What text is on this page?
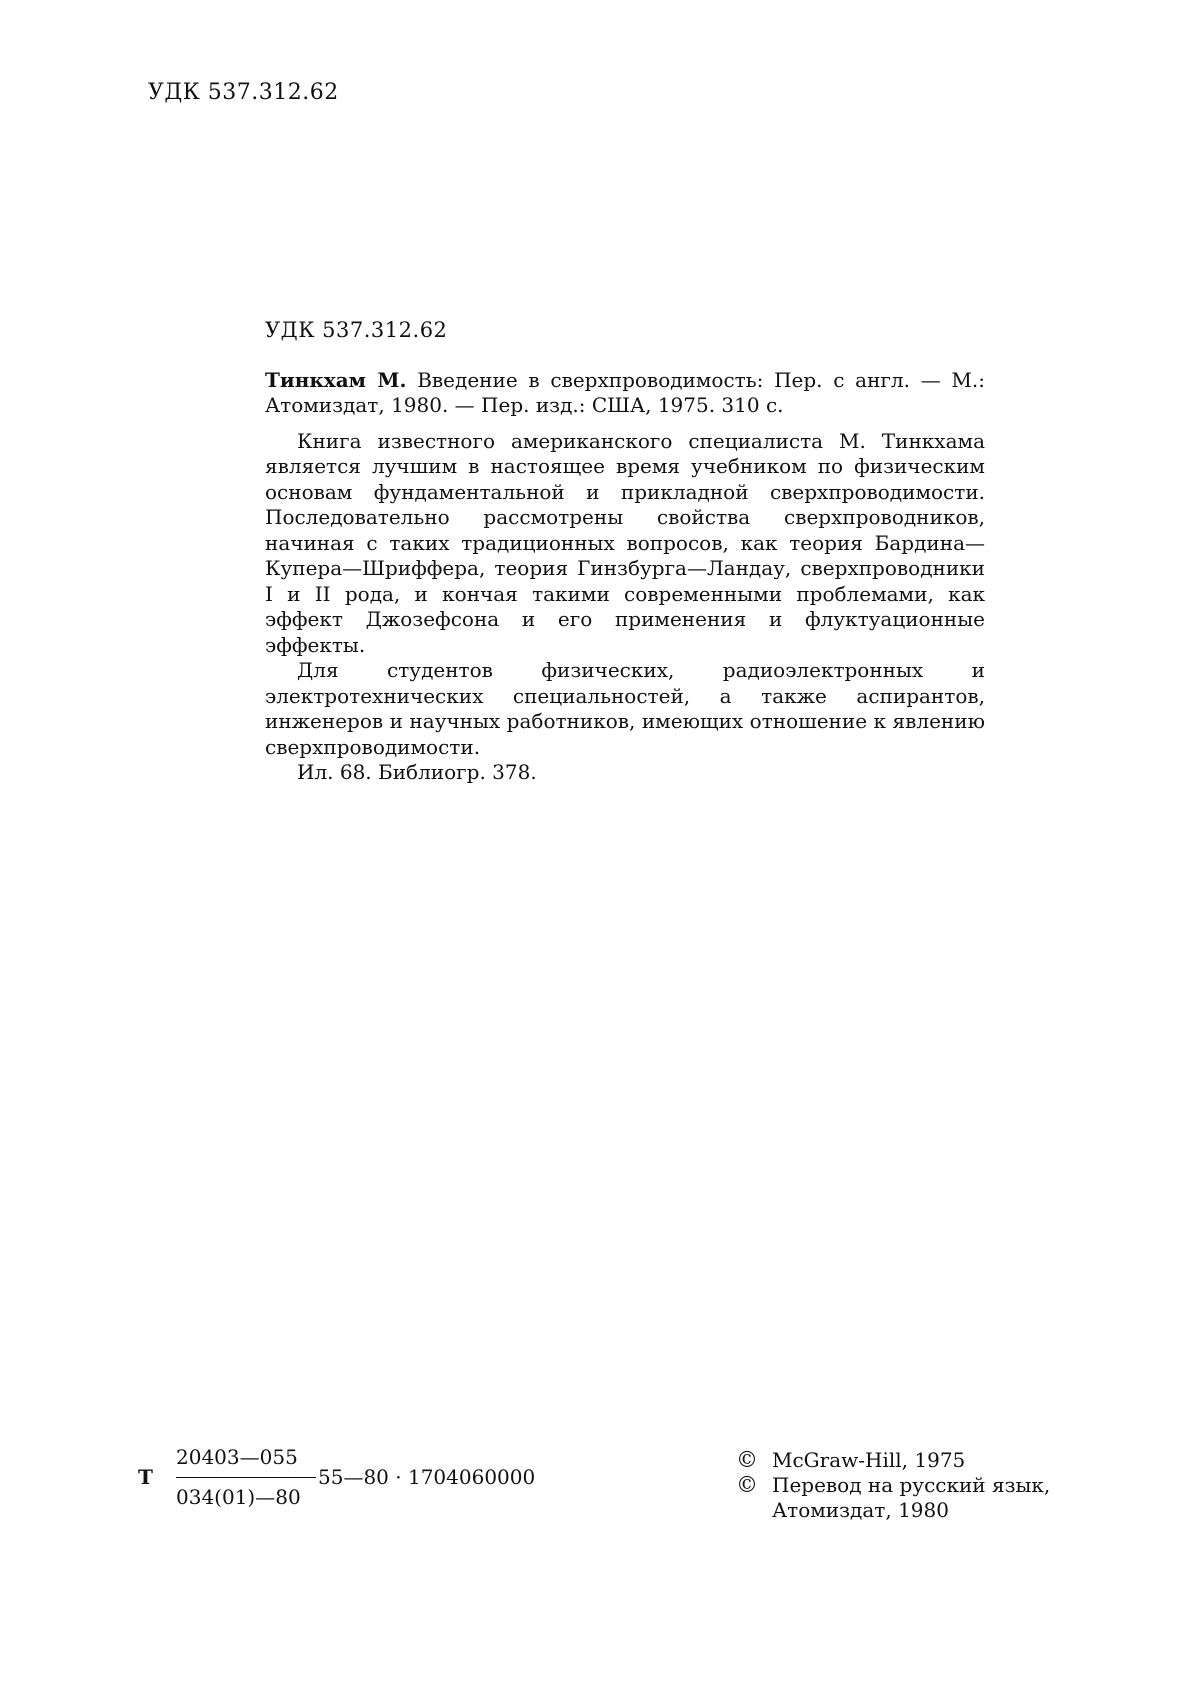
УДК 537.312.62
УДК 537.312.62

Тинкхам М. Введение в сверхпроводимость: Пер. с англ. — М.: Атомиздат, 1980. — Пер. изд.: США, 1975. 310 с.

Книга известного американского специалиста М. Тинкхама является лучшим в настоящее время учебником по физическим основам фундаментальной и прикладной сверхпроводимости. Последовательно рассмотрены свойства сверхпроводников, начиная с таких традиционных вопросов, как теория Бардина—Купера—Шриффера, теория Гинзбурга—Ландау, сверхпроводники I и II рода, и кончая такими современными проблемами, как эффект Джозефсона и его применения и флуктуационные эффекты.

Для студентов физических, радиоэлектронных и электротехнических специальностей, а также аспирантов, инженеров и научных работников, имеющих отношение к явлению сверхпроводимости.

Ил. 68. Библиогр. 378.

Т
20403—055
034(01)—80
55—80 · 1704060000
© McGraw-Hill, 1975
© Перевод на русский язык,
Атомиздат, 1980
